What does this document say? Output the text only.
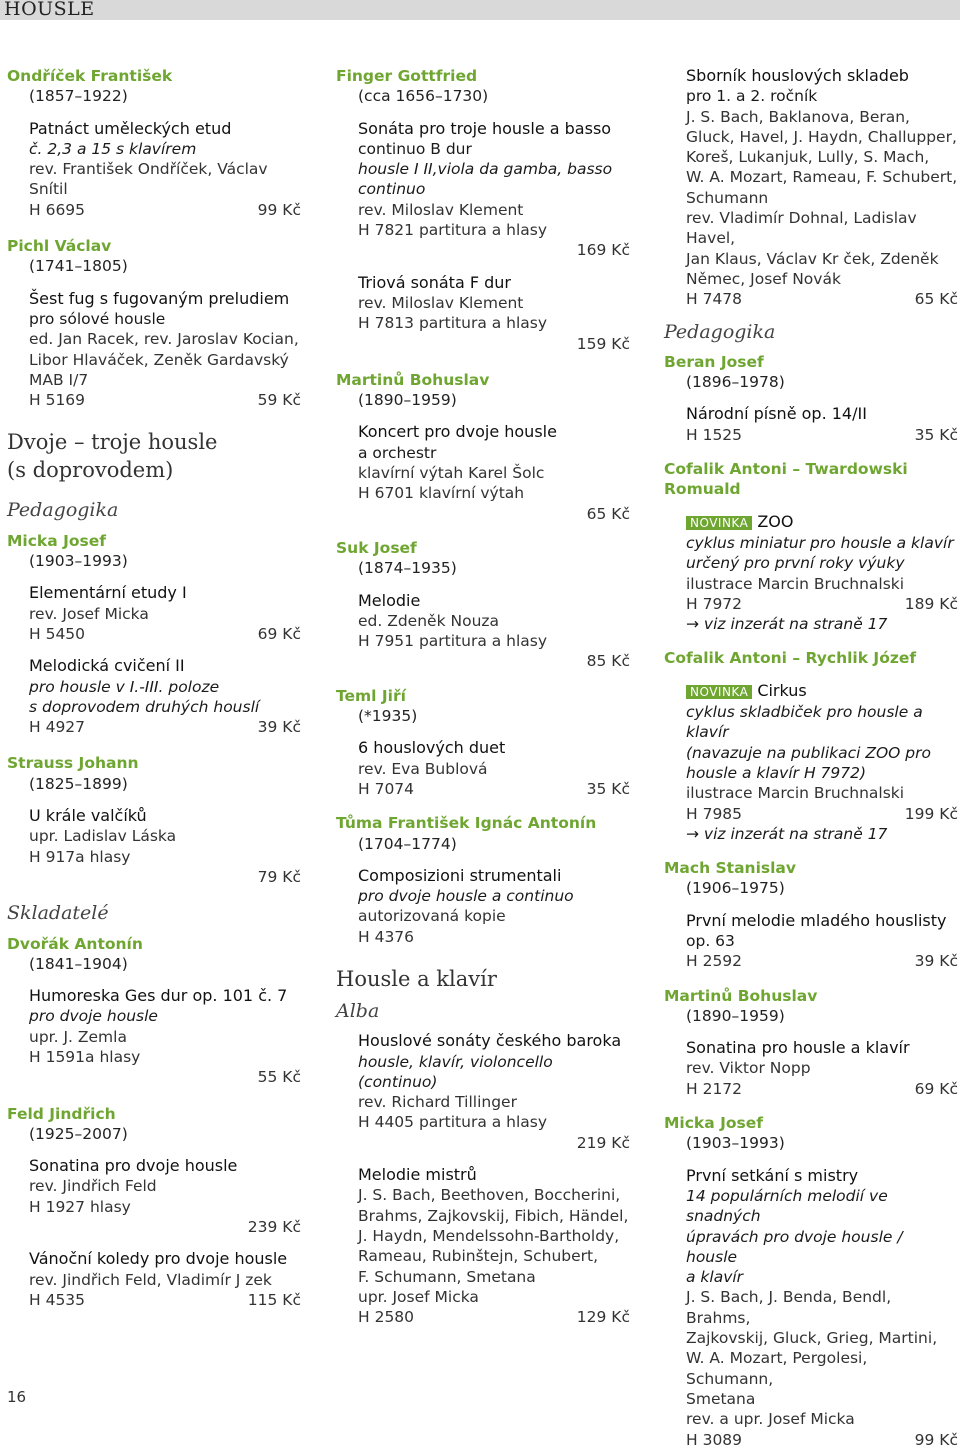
HOUSLE
Ondříček František
(1857–1922)
Patnáct uměleckých etud
č. 2,3 a 15 s klavírem
rev. František Ondříček, Václav Snítil
H 6695	99 Kč
Pichl Václav
(1741–1805)
Šest fug s fugovaným preludiem
pro sólové housle
ed. Jan Racek, rev. Jaroslav Kocian,
Libor Hlaváček, Zeněk Gardavský
MAB I/7
H 5169	59 Kč
Dvoje – troje housle
(s doprovodem)
Pedagogika
Micka Josef
(1903–1993)
Elementární etudy I
rev. Josef Micka
H 5450	69 Kč
Melodická cvičení II
pro housle v I.-III. poloze
s doprovodem druhých houslí
H 4927	39 Kč
Strauss Johann
(1825–1899)
U krále valčíků
upr. Ladislav Láska
H 917a hlasy
79 Kč
Skladatelé
Dvořák Antonín
(1841–1904)
Humoreska Ges dur op. 101 č. 7
pro dvoje housle
upr. J. Zemla
H 1591a hlasy
55 Kč
Feld Jindřich
(1925–2007)
Sonatina pro dvoje housle
rev. Jindřich Feld
H 1927 hlasy
239 Kč
Vánoční koledy pro dvoje housle
rev. Jindřich Feld, Vladimír J zek
H 4535	115 Kč
Finger Gottfried
(cca 1656–1730)
Sonáta pro troje housle a basso
continuo B dur
housle I II,viola da gamba, basso
continuo
rev. Miloslav Klement
H 7821 partitura a hlasy
169 Kč
Triová sonáta F dur
rev. Miloslav Klement
H 7813 partitura a hlasy
159 Kč
Martinů Bohuslav
(1890–1959)
Koncert pro dvoje housle
a orchestr
klavírní výtah Karel Šolc
H 6701 klavírní výtah
65 Kč
Suk Josef
(1874–1935)
Melodie
ed. Zdeněk Nouza
H 7951 partitura a hlasy
85 Kč
Teml Jiří
(*1935)
6 houslových duet
rev. Eva Bublová
H 7074	35 Kč
Tůma František Ignác Antonín
(1704–1774)
Composizioni strumentali
pro dvoje housle a continuo
autorizovaná kopie
H 4376
Housle a klavír
Alba
Houslové sonáty českého baroka
housle, klavír, violoncello (continuo)
rev. Richard Tillinger
H 4405 partitura a hlasy
219 Kč
Melodie mistrů
J. S. Bach, Beethoven, Boccherini,
Brahms, Zajkovskij, Fibich, Händel,
J. Haydn, Mendelssohn-Bartholdy,
Rameau, Rubinštejn, Schubert,
F. Schumann, Smetana
upr. Josef Micka
H 2580	129 Kč
Sborník houslových skladeb
pro 1. a 2. ročník
J. S. Bach, Baklanova, Beran,
Gluck, Havel, J. Haydn, Challupper,
Koreš, Lukanjuk, Lully, S. Mach,
W. A. Mozart, Rameau, F. Schubert,
Schumann
rev. Vladimír Dohnal, Ladislav Havel,
Jan Klaus, Václav Kr ček, Zdeněk
Němec, Josef Novák
H 7478	65 Kč
Pedagogika
Beran Josef
(1896–1978)
Národní písně op. 14/II
H 1525	35 Kč
Cofalik Antoni – Twardowski
Romuald
NOVINKA ZOO
cyklus miniatur pro housle a klavír
určený pro první roky výuky
ilustrace Marcin Bruchnalski
H 7972	189 Kč
→ viz inzerát na straně 17
Cofalik Antoni – Rychlik Józef
NOVINKA Cirkus
cyklus skladbiček pro housle a klavír
(navazuje na publikaci ZOO pro
housle a klavír H 7972)
ilustrace Marcin Bruchnalski
H 7985	199 Kč
→ viz inzerát na straně 17
Mach Stanislav
(1906–1975)
První melodie mladého houslisty
op. 63
H 2592	39 Kč
Martinů Bohuslav
(1890–1959)
Sonatina pro housle a klavír
rev. Viktor Nopp
H 2172	69 Kč
Micka Josef
(1903–1993)
První setkání s mistry
14 populárních melodií ve snadných
úpravách pro dvoje housle / housle
a klavír
J. S. Bach, J. Benda, Bendl, Brahms,
Zajkovskij, Gluck, Grieg, Martini,
W. A. Mozart, Pergolesi, Schumann,
Smetana
rev. a upr. Josef Micka
H 3089	99 Kč
16
